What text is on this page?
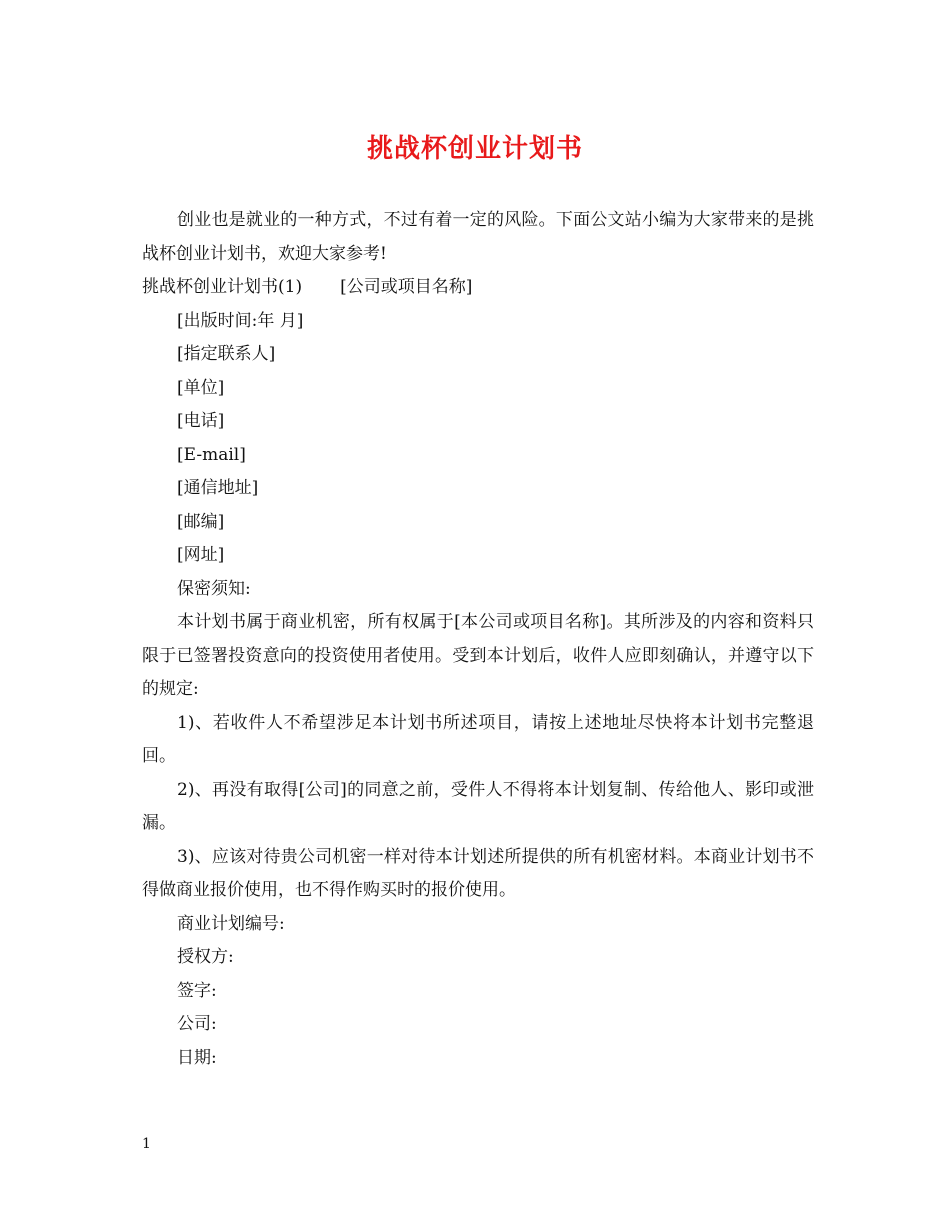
挑战杯创业计划书

创业也是就业的一种方式，不过有着一定的风险。下面公文站小编为大家带来的是挑战杯创业计划书，欢迎大家参考!

挑战杯创业计划书(1) [公司或项目名称]

[出版时间:年 月]

[指定联系人]

[单位]

[电话]

[E-mail]

[通信地址]

[邮编]

[网址]

保密须知:

本计划书属于商业机密，所有权属于[本公司或项目名称]。其所涉及的内容和资料只限于已签署投资意向的投资使用者使用。受到本计划后，收件人应即刻确认，并遵守以下的规定:

1)、若收件人不希望涉足本计划书所述项目，请按上述地址尽快将本计划书完整退回。

2)、再没有取得[公司]的同意之前，受件人不得将本计划复制、传给他人、影印或泄漏。

3)、应该对待贵公司机密一样对待本计划述所提供的所有机密材料。本商业计划书不得做商业报价使用，也不得作购买时的报价使用。

商业计划编号:

授权方:

签字:

公司:

日期:

1
